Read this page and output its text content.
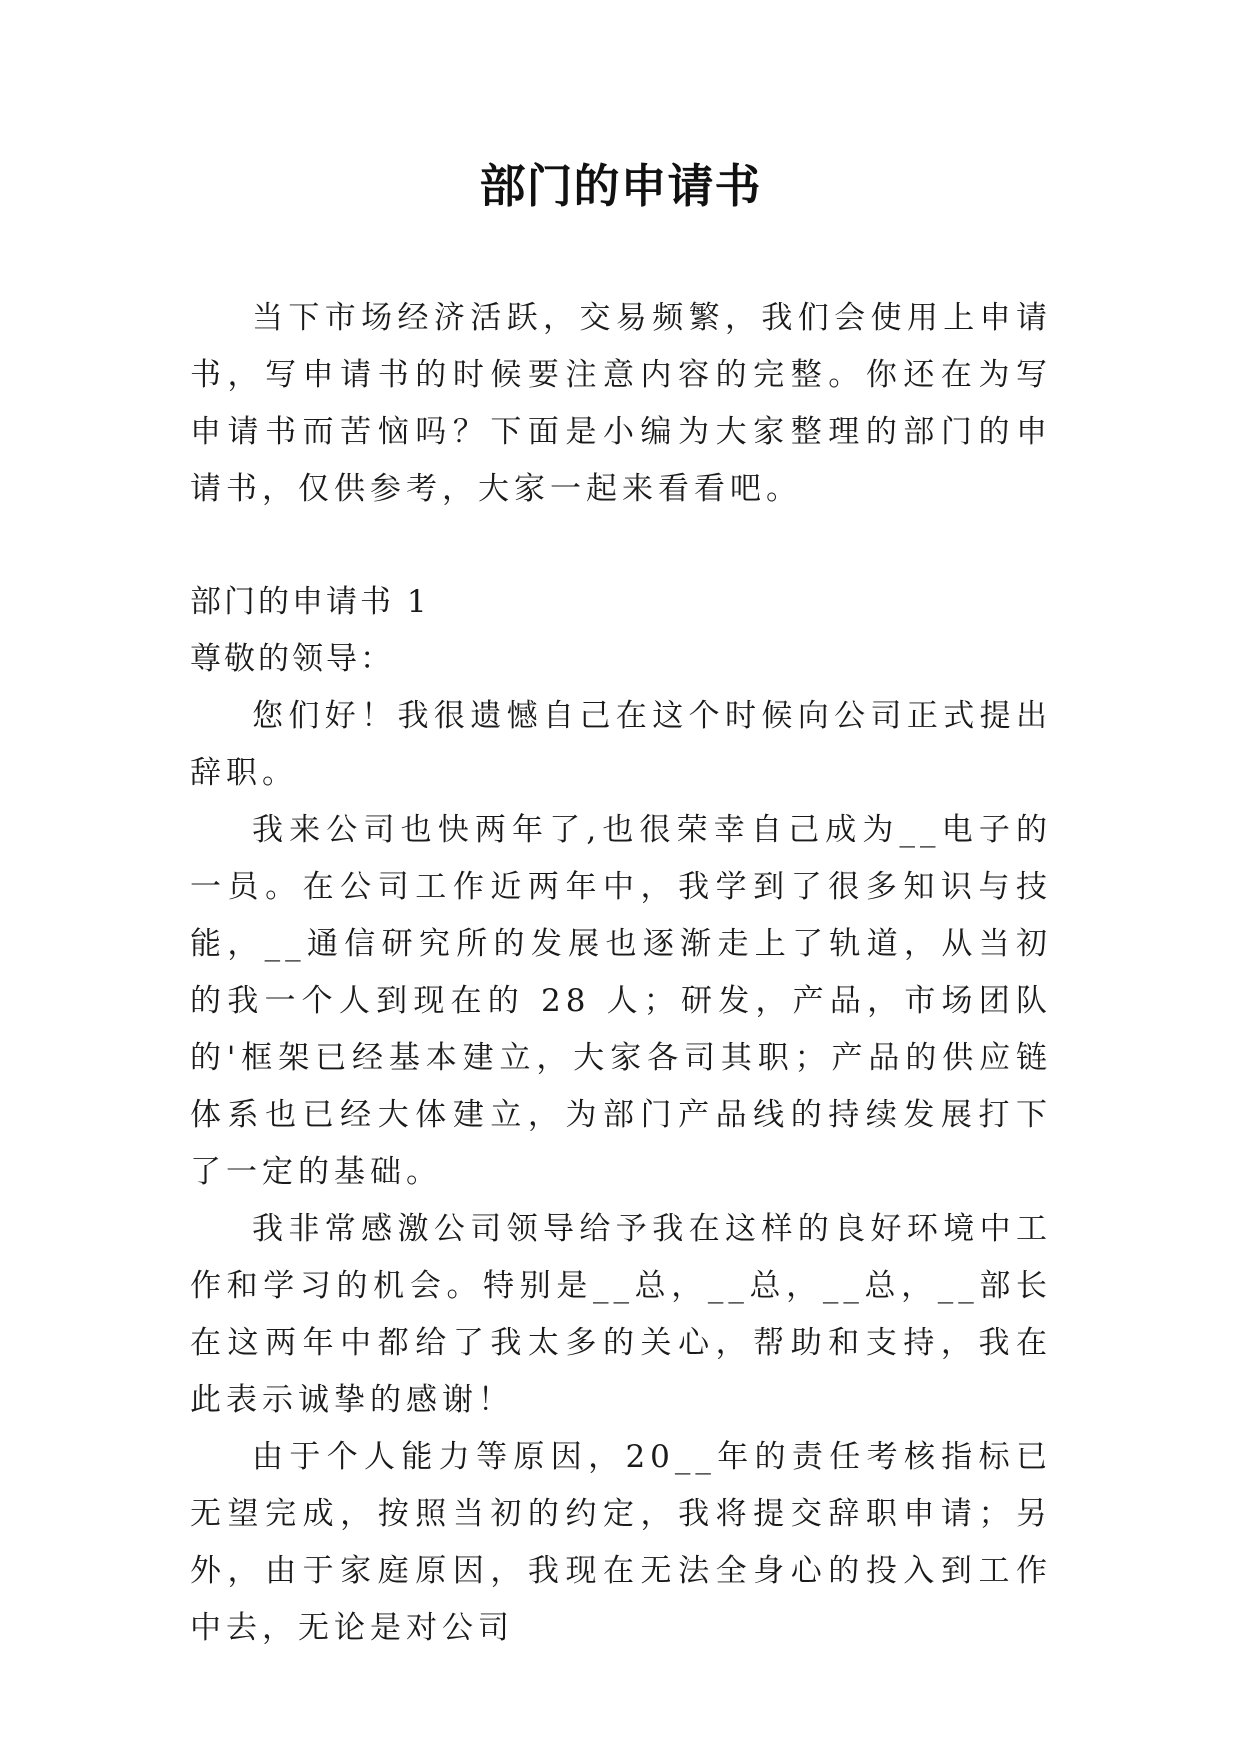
部门的申请书

当下市场经济活跃，交易频繁，我们会使用上申请书，写申请书的时候要注意内容的完整。你还在为写申请书而苦恼吗？下面是小编为大家整理的部门的申请书，仅供参考，大家一起来看看吧。

部门的申请书 1

尊敬的领导：

您们好！我很遗憾自己在这个时候向公司正式提出辞职。

我来公司也快两年了,也很荣幸自己成为__电子的一员。在公司工作近两年中，我学到了很多知识与技能，__通信研究所的发展也逐渐走上了轨道，从当初的我一个人到现在的 28 人；研发，产品，市场团队的'框架已经基本建立，大家各司其职；产品的供应链体系也已经大体建立，为部门产品线的持续发展打下了一定的基础。

我非常感激公司领导给予我在这样的良好环境中工作和学习的机会。特别是__总，__总，__总，__部长在这两年中都给了我太多的关心，帮助和支持，我在此表示诚挚的感谢！

由于个人能力等原因，20__年的责任考核指标已无望完成，按照当初的约定，我将提交辞职申请；另外，由于家庭原因，我现在无法全身心的投入到工作中去，无论是对公司
